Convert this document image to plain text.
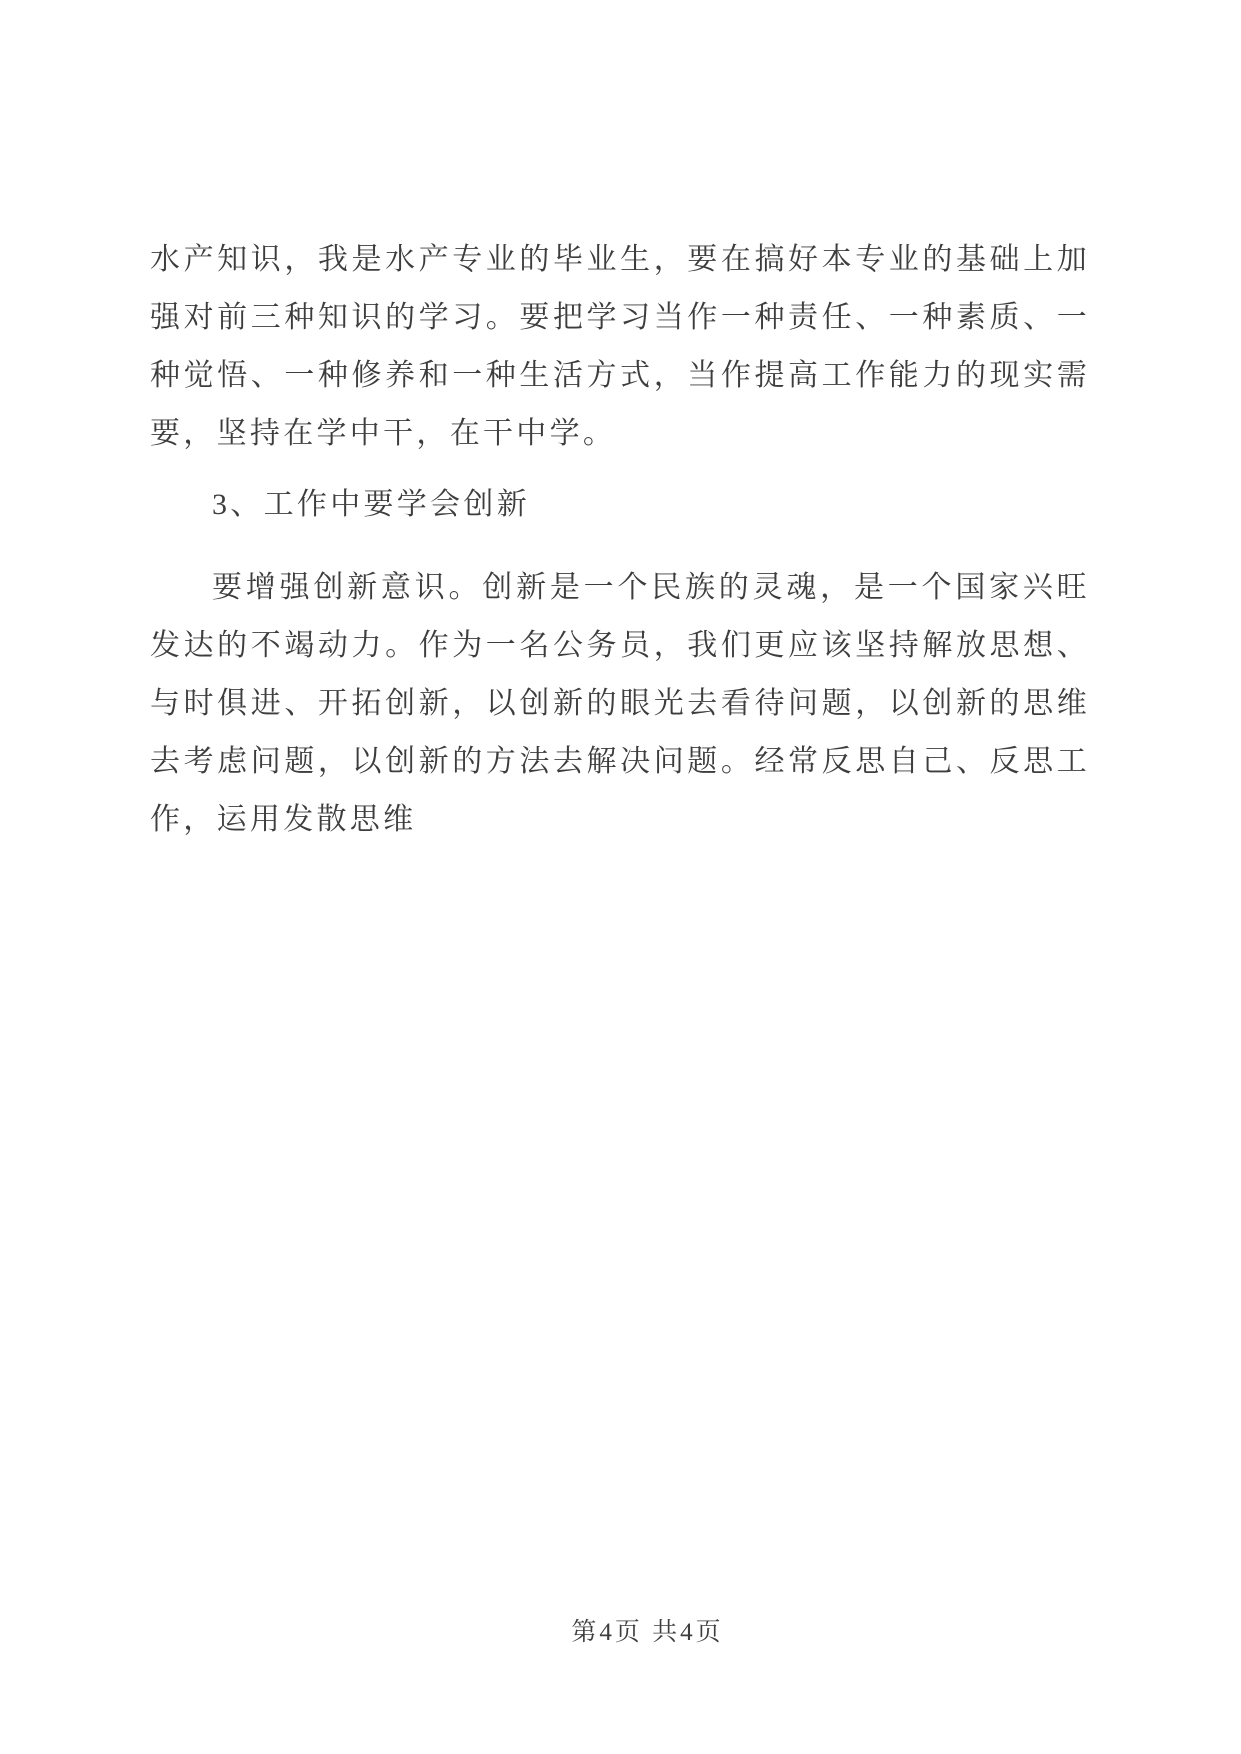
水产知识，我是水产专业的毕业生，要在搞好本专业的基础上加
强对前三种知识的学习。要把学习当作一种责任、一种素质、一
种觉悟、一种修养和一种生活方式，当作提高工作能力的现实需
要，坚持在学中干，在干中学。
3、工作中要学会创新
要增强创新意识。创新是一个民族的灵魂，是一个国家兴旺
发达的不竭动力。作为一名公务员，我们更应该坚持解放思想、
与时俱进、开拓创新，以创新的眼光去看待问题，以创新的思维
去考虑问题，以创新的方法去解决问题。经常反思自己、反思工
作，运用发散思维
第4页 共4页
